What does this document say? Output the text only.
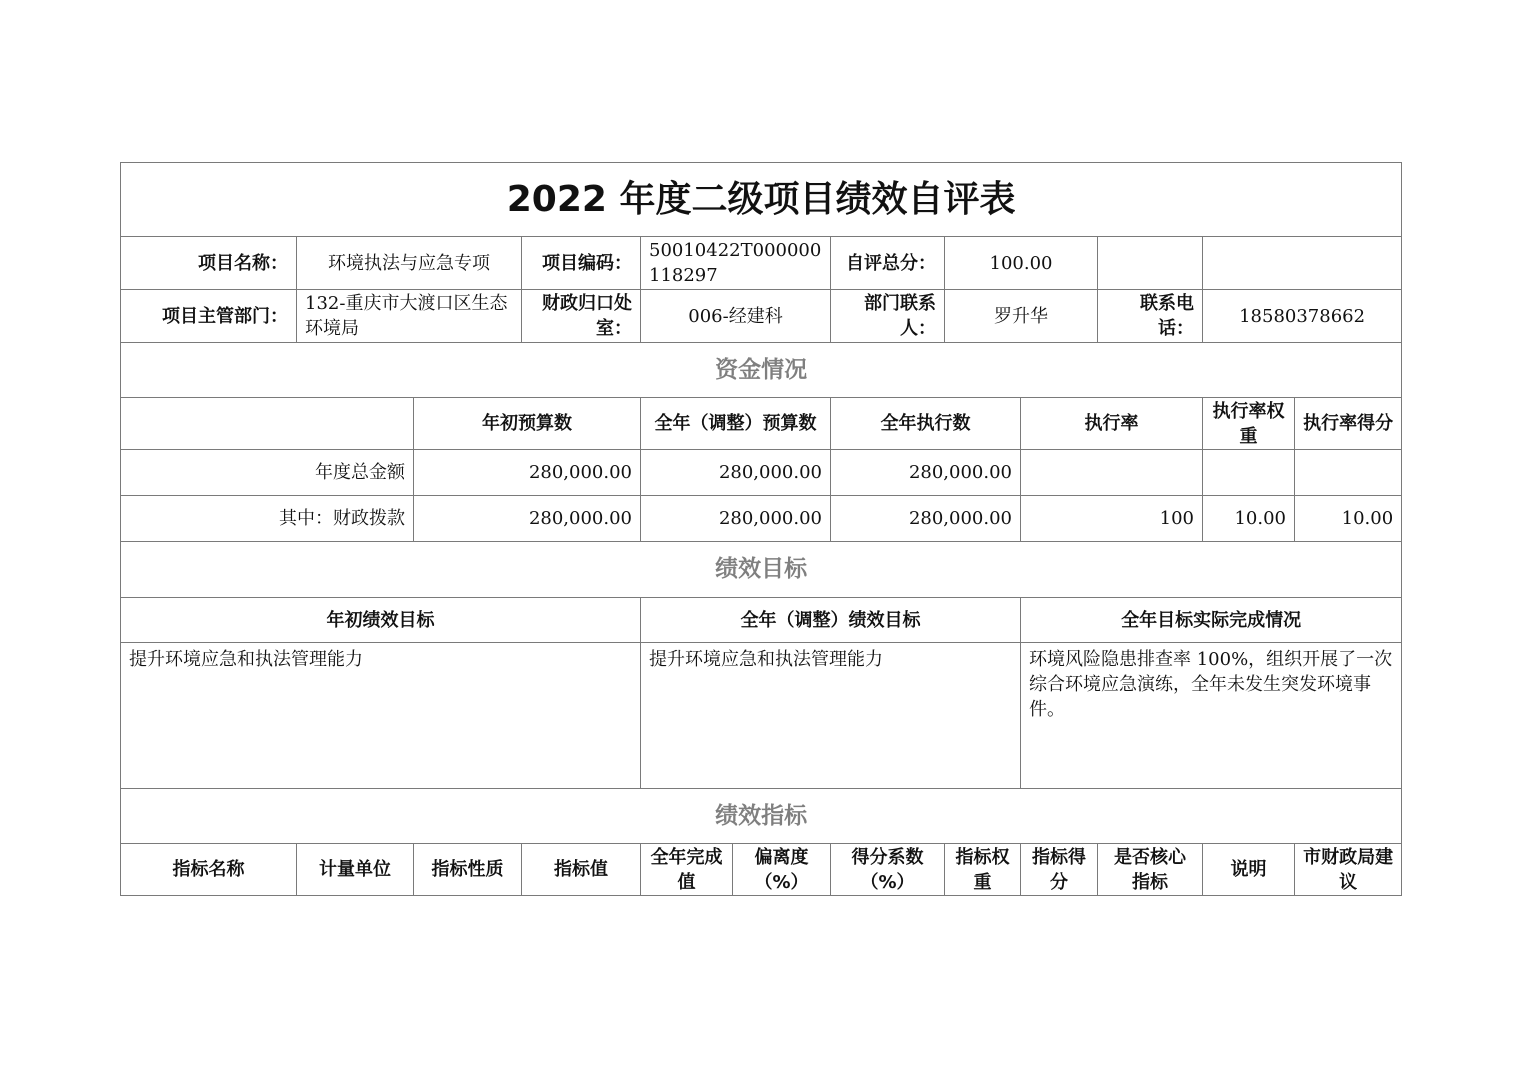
2022 年度二级项目绩效自评表											
项目名称：	环境执法与应急专项		项目编码：	50010422T000000118297		自评总分：	100.00				
项目主管部门：	132-重庆市大渡口区生态环境局		财政归口处室：	006-经建科		部门联系人：	罗升华		联系电话：	18580378662	
资金情况											
		年初预算数		全年（调整）预算数		全年执行数		执行率		执行率权重	执行率得分
年度总金额		280,000.00		280,000.00		280,000.00					
其中：财政拨款		280,000.00		280,000.00		280,000.00		100		10.00	10.00
绩效目标											
年初绩效目标				全年（调整）绩效目标				全年目标实际完成情况			
提升环境应急和执法管理能力				提升环境应急和执法管理能力				环境风险隐患排查率 100%，组织开展了一次综合环境应急演练，全年未发生突发环境事件。			
绩效指标											
指标名称	计量单位	指标性质	指标值	全年完成值	偏离度（%）	得分系数（%）	指标权重	指标得分	是否核心指标	说明	市财政局建议
